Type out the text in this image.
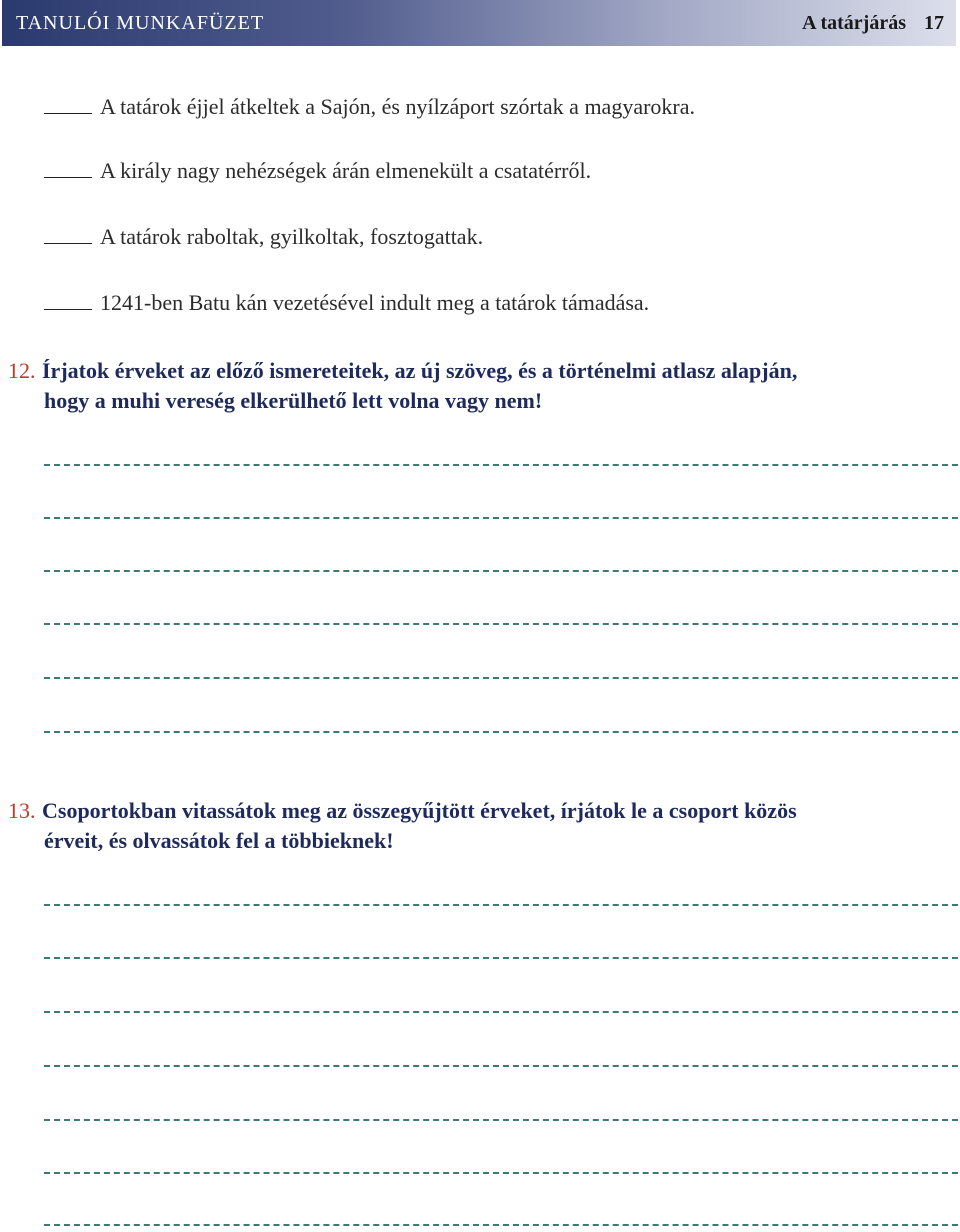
TANULÓI MUNKAFÜZET	A tatárjárás 17
A tatárok éjjel átkeltek a Sajón, és nyílzáport szórtak a magyarokra.
A király nagy nehézségek árán elmenekült a csatatérről.
A tatárok raboltak, gyilkoltak, fosztogattak.
1241-ben Batu kán vezetésével indult meg a tatárok támadása.
12. Írjatok érveket az előző ismereteitek, az új szöveg, és a történelmi atlasz alapján,
hogy a muhi vereség elkerülhető lett volna vagy nem!
13. Csoportokban vitassátok meg az összegyűjtött érveket, írjátok le a csoport közös
érveit, és olvassátok fel a többieknek!
